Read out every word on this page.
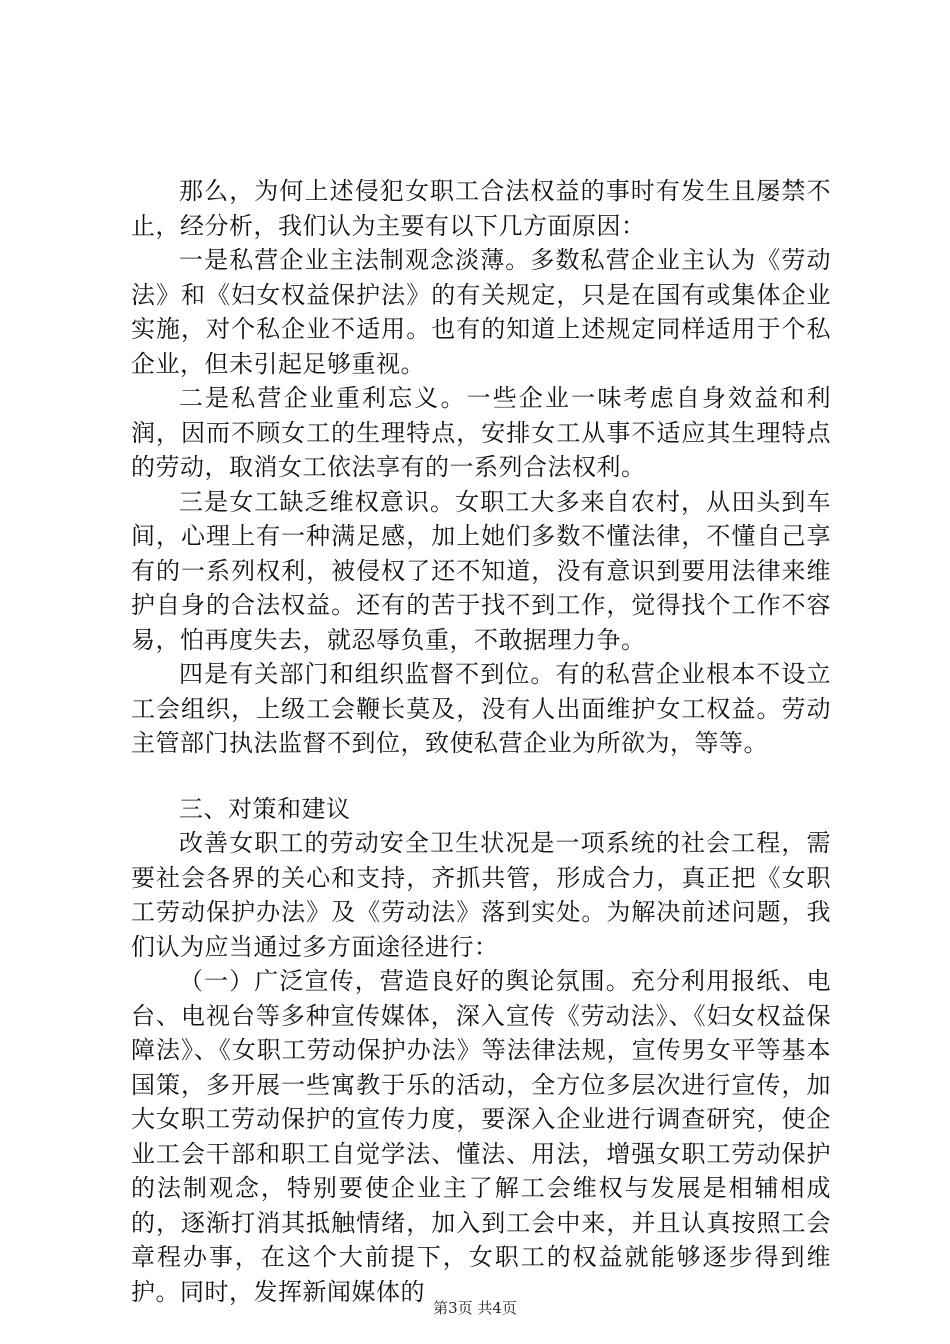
那么，为何上述侵犯女职工合法权益的事时有发生且屡禁不止，经分析，我们认为主要有以下几方面原因：

一是私营企业主法制观念淡薄。多数私营企业主认为《劳动法》和《妇女权益保护法》的有关规定，只是在国有或集体企业实施，对个私企业不适用。也有的知道上述规定同样适用于个私企业，但未引起足够重视。

二是私营企业重利忘义。一些企业一味考虑自身效益和利润，因而不顾女工的生理特点，安排女工从事不适应其生理特点的劳动，取消女工依法享有的一系列合法权利。

三是女工缺乏维权意识。女职工大多来自农村，从田头到车间，心理上有一种满足感，加上她们多数不懂法律，不懂自己享有的一系列权利，被侵权了还不知道，没有意识到要用法律来维护自身的合法权益。还有的苦于找不到工作，觉得找个工作不容易，怕再度失去，就忍辱负重，不敢据理力争。

四是有关部门和组织监督不到位。有的私营企业根本不设立工会组织，上级工会鞭长莫及，没有人出面维护女工权益。劳动主管部门执法监督不到位，致使私营企业为所欲为，等等。

三、对策和建议

改善女职工的劳动安全卫生状况是一项系统的社会工程，需要社会各界的关心和支持，齐抓共管，形成合力，真正把《女职工劳动保护办法》及《劳动法》落到实处。为解决前述问题，我们认为应当通过多方面途径进行：

（一）广泛宣传，营造良好的舆论氛围。充分利用报纸、电台、电视台等多种宣传媒体，深入宣传《劳动法》、《妇女权益保障法》、《女职工劳动保护办法》等法律法规，宣传男女平等基本国策，多开展一些寓教于乐的活动，全方位多层次进行宣传，加大女职工劳动保护的宣传力度，要深入企业进行调查研究，使企业工会干部和职工自觉学法、懂法、用法，增强女职工劳动保护的法制观念，特别要使企业主了解工会维权与发展是相辅相成的，逐渐打消其抵触情绪，加入到工会中来，并且认真按照工会章程办事，在这个大前提下，女职工的权益就能够逐步得到维护。同时，发挥新闻媒体的

第3页 共4页
